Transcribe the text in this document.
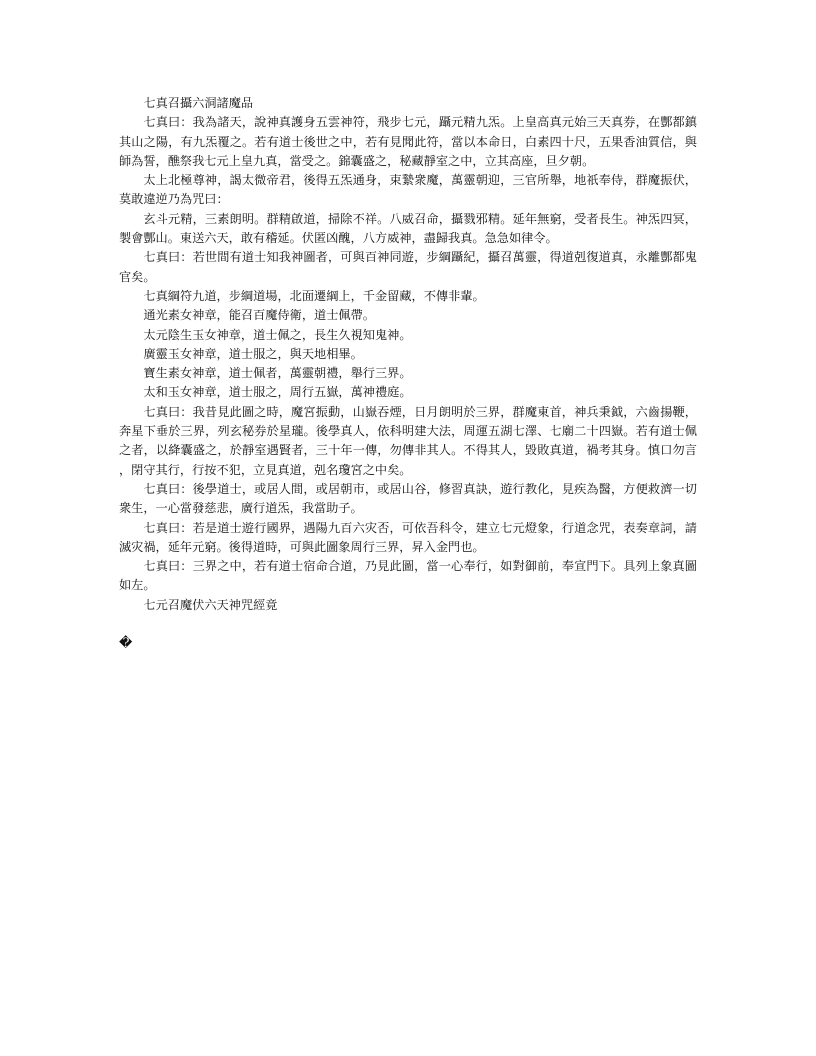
七真召攝六洞諸魔品

七真曰：我為諸天，說神真護身五雲神符，飛步七元，躡元精九炁。上皇高真元始三天真券，在酆都鎮其山之陽，有九炁覆之。若有道士後世之中，若有見聞此符，當以本命日，白素四十尺，五果香油質信，與師為誓，醮祭我七元上皇九真，當受之。錦囊盛之，秘藏靜室之中，立其高座，旦夕朝。

太上北極尊神，謁太微帝君，後得五炁通身，束縶衆魔，萬靈朝迎，三官所舉，地祇奉侍，群魔振伏，莫敢違逆乃為咒曰：

玄斗元精，三素朗明。群精啟道，掃除不祥。八威召命，攝戮邪精。延年無窮，受者長生。神炁四冥，製會酆山。東送六天，敢有稽延。伏匿凶醜，八方威神，盡歸我真。急急如律令。

七真曰：若世間有道士知我神圖者，可與百神同遊，步綱躡紀，攝召萬靈，得道剋復道真，永離酆都鬼官矣。

七真綱符九道，步綱道場，北面遷綱上，千金留藏，不傳非輩。

通光素女神章，能召百魔侍衛，道士佩帶。

太元陰生玉女神章，道士佩之，長生久視知鬼神。

廣靈玉女神章，道士服之，與天地相畢。

寶生素女神章，道士佩者，萬靈朝禮，舉行三界。

太和玉女神章，道士服之，周行五嶽，萬神禮庭。

七真曰：我昔見此圖之時，魔宮振動，山嶽吞煙，日月朗明於三界，群魔東首，神兵秉鉞，六齒揚鞭，奔星下垂於三界，列玄秘券於星瓏。後學真人，依科明建大法，周運五湖七澤、七廟二十四嶽。若有道士佩之者，以絳囊盛之，於靜室遇賢者，三十年一傳，勿傳非其人。不得其人，毀敗真道，禍考其身。慎口勿言，閉守其行，行按不犯，立見真道，剋名瓊宮之中矣。

七真曰：後學道士，或居人間，或居朝市，或居山谷，修習真訣，遊行教化，見疾為醫，方便救濟一切衆生，一心當發慈悲，廣行道炁，我當助子。

七真曰：若是道士遊行國界，遇陽九百六灾否，可依吾科令，建立七元燈象，行道念咒，表奏章詞，請滅灾禍，延年元窮。後得道時，可與此圖象周行三界，昇入金門也。

七真曰：三界之中，若有道士宿命合道，乃見此圖，當一心奉行，如對御前，奉宣門下。具列上象真圖如左。

七元召魔伏六天神咒經竟

�
